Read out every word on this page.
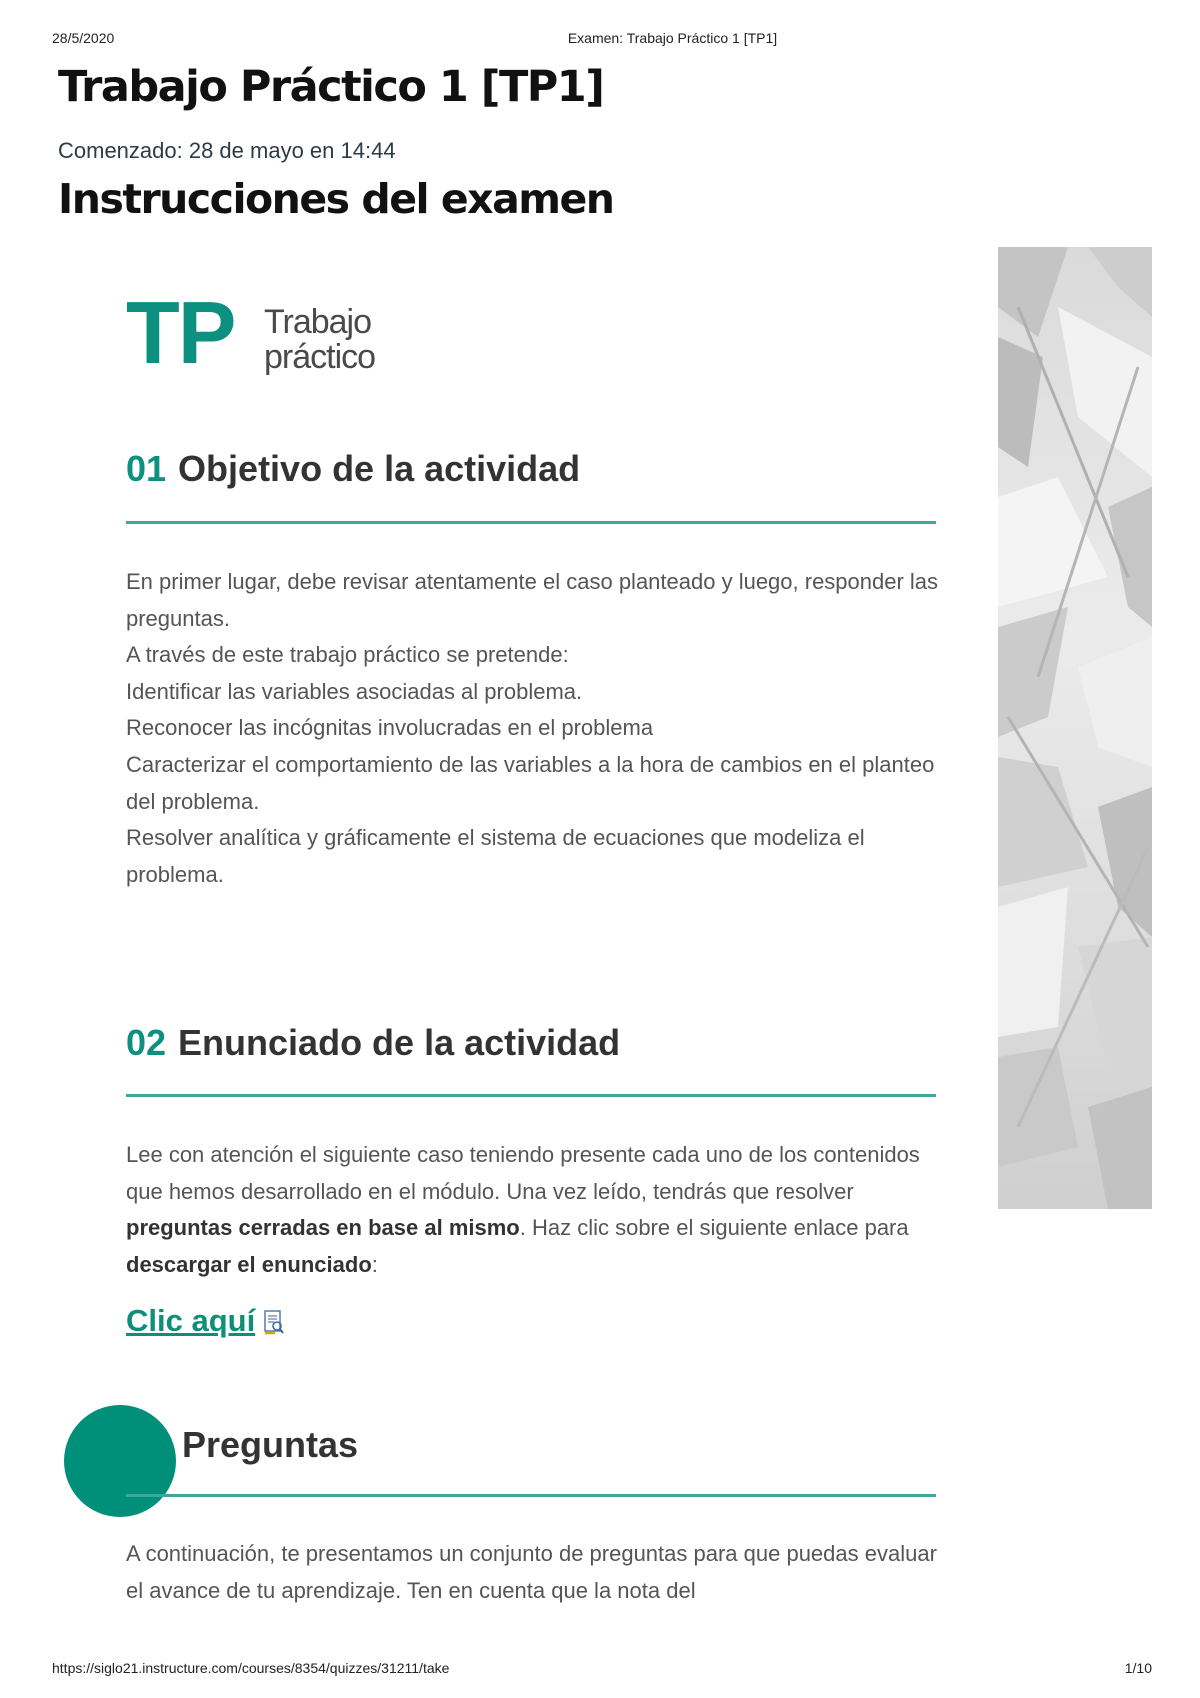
28/5/2020	Examen: Trabajo Práctico 1 [TP1]
Trabajo Práctico 1 [TP1]
Comenzado: 28 de mayo en 14:44
Instrucciones del examen
TP Trabajo
práctico
01 Objetivo de la actividad

En primer lugar, debe revisar atentamente el caso planteado y luego, responder las preguntas.

A través de este trabajo práctico se pretende:

Identificar las variables asociadas al problema.

Reconocer las incógnitas involucradas en el problema

Caracterizar el comportamiento de las variables a la hora de cambios en el planteo del problema.

Resolver analítica y gráficamente el sistema de ecuaciones que modeliza el problema.

02 Enunciado de la actividad

Lee con atención el siguiente caso teniendo presente cada uno de los contenidos que hemos desarrollado en el módulo. Una vez leído, tendrás que resolver preguntas cerradas en base al mismo. Haz clic sobre el siguiente enlace para descargar el enunciado:

Clic aquí
Preguntas

A continuación, te presentamos un conjunto de preguntas para que puedas evaluar el avance de tu aprendizaje. Ten en cuenta que la nota del

https://siglo21.instructure.com/courses/8354/quizzes/31211/take	1/10
